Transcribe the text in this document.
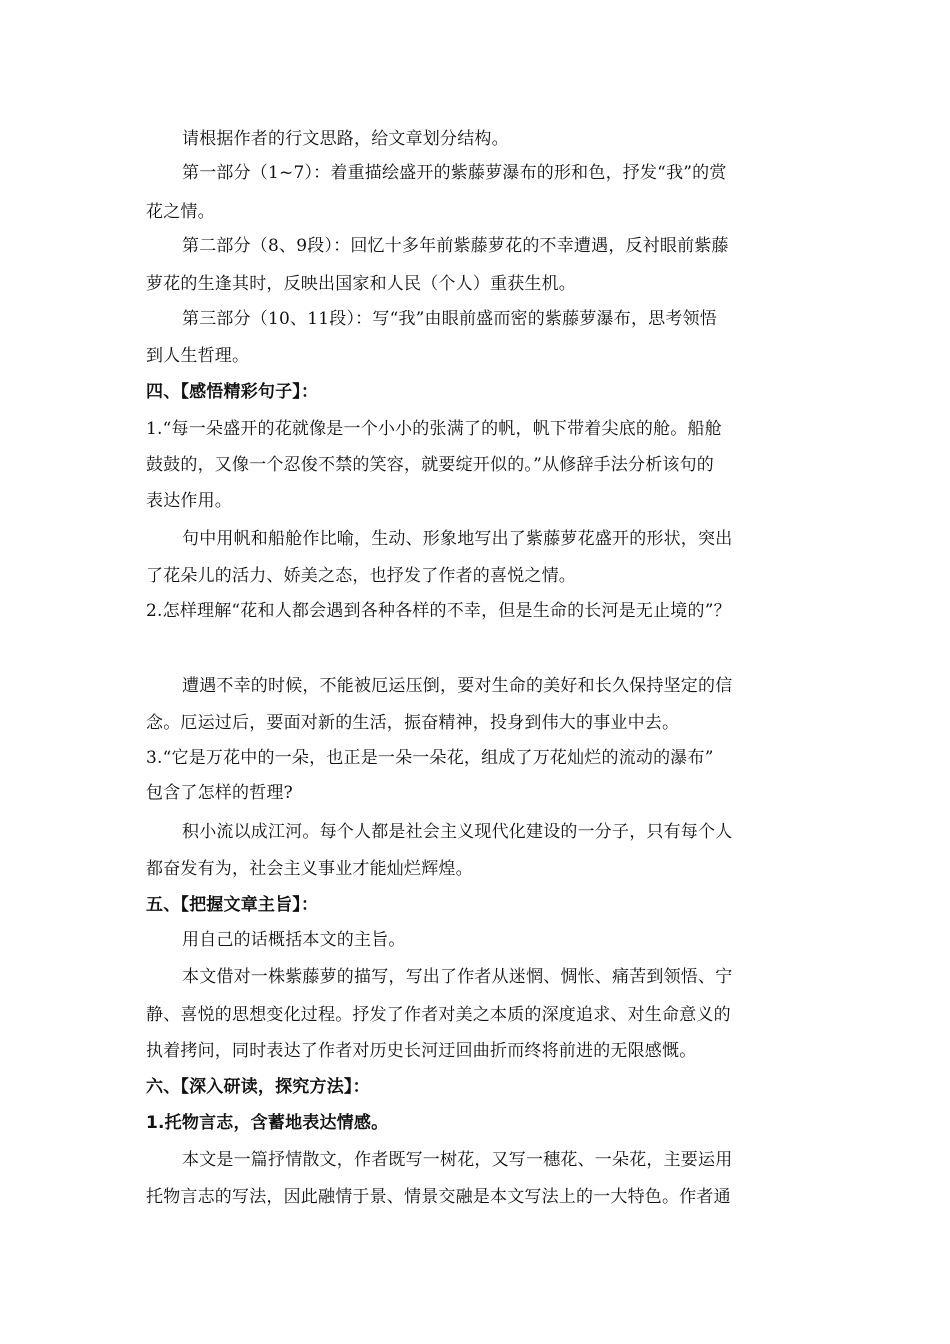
请根据作者的行文思路，给文章划分结构。
第一部分（1~7）：着重描绘盛开的紫藤萝瀑布的形和色，抒发“我”的赏
花之情。
第二部分（8、9段）：回忆十多年前紫藤萝花的不幸遭遇，反衬眼前紫藤
萝花的生逢其时，反映出国家和人民（个人）重获生机。
第三部分（10、11段）：写“我”由眼前盛而密的紫藤萝瀑布，思考领悟
到人生哲理。
四、【感悟精彩句子】：
1.“每一朵盛开的花就像是一个小小的张满了的帆，帆下带着尖底的舱。船舱
鼓鼓的，又像一个忍俊不禁的笑容，就要绽开似的。”从修辞手法分析该句的
表达作用。
句中用帆和船舱作比喻，生动、形象地写出了紫藤萝花盛开的形状，突出
了花朵儿的活力、娇美之态，也抒发了作者的喜悦之情。
2.怎样理解“花和人都会遇到各种各样的不幸，但是生命的长河是无止境的”？
遭遇不幸的时候，不能被厄运压倒，要对生命的美好和长久保持坚定的信
念。厄运过后，要面对新的生活，振奋精神，投身到伟大的事业中去。
3.“它是万花中的一朵，也正是一朵一朵花，组成了万花灿烂的流动的瀑布”
包含了怎样的哲理?
积小流以成江河。每个人都是社会主义现代化建设的一分子，只有每个人
都奋发有为，社会主义事业才能灿烂辉煌。
五、【把握文章主旨】：
用自己的话概括本文的主旨。
本文借对一株紫藤萝的描写，写出了作者从迷惘、惆怅、痛苦到领悟、宁
静、喜悦的思想变化过程。抒发了作者对美之本质的深度追求、对生命意义的
执着拷问，同时表达了作者对历史长河迂回曲折而终将前进的无限感慨。
六、【深入研读，探究方法】：
1.托物言志，含蓄地表达情感。
本文是一篇抒情散文，作者既写一树花，又写一穗花、一朵花，主要运用
托物言志的写法，因此融情于景、情景交融是本文写法上的一大特色。作者通
